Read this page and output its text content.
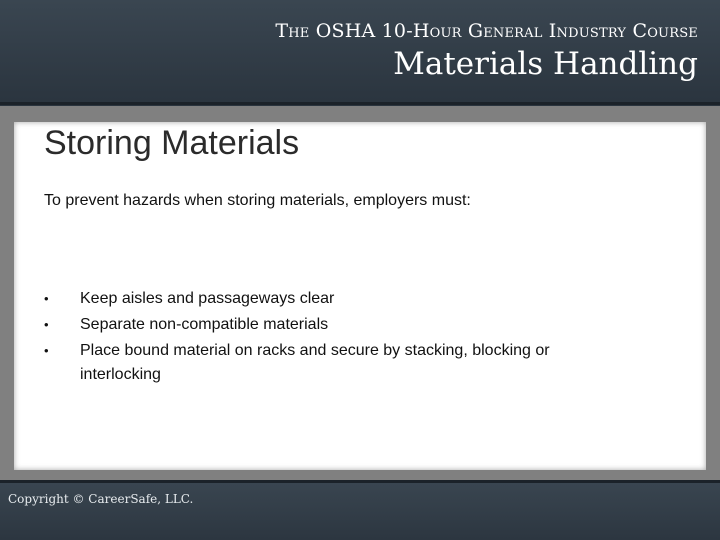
The OSHA 10-Hour General Industry Course
Materials Handling
Storing Materials
To prevent hazards when storing materials, employers must:
•	Keep aisles and passageways clear
•	Separate non-compatible materials
•	Place bound material on racks and secure by stacking, blocking or interlocking
Copyright © CareerSafe, LLC.
